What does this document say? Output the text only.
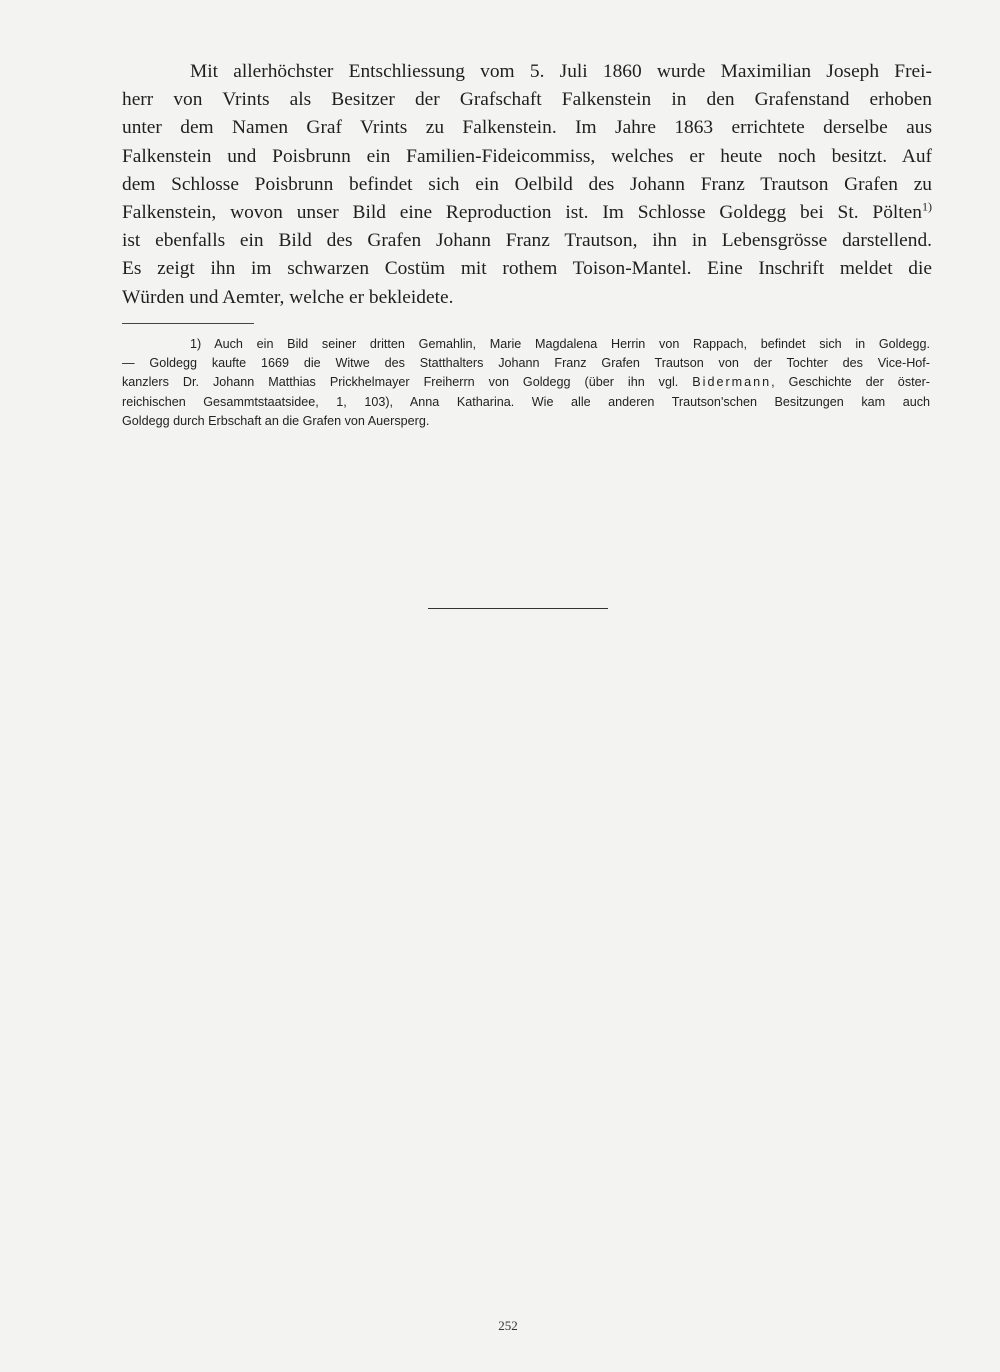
Mit allerhöchster Entschliessung vom 5. Juli 1860 wurde Maximilian Joseph Frei-
herr von Vrints als Besitzer der Grafschaft Falkenstein in den Grafenstand erhoben
unter dem Namen Graf Vrints zu Falkenstein. Im Jahre 1863 errichtete derselbe aus
Falkenstein und Poisbrunn ein Familien-Fideicommiss, welches er heute noch besitzt. Auf
dem Schlosse Poisbrunn befindet sich ein Oelbild des Johann Franz Trautson Grafen zu
Falkenstein, wovon unser Bild eine Reproduction ist. Im Schlosse Goldegg bei St. Pölten$^{1)}$
ist ebenfalls ein Bild des Grafen Johann Franz Trautson, ihn in Lebensgrösse darstellend.
Es zeigt ihn im schwarzen Costüm mit rothem Toison-Mantel. Eine Inschrift meldet die
Würden und Aemter, welche er bekleidete.
1) Auch ein Bild seiner dritten Gemahlin, Marie Magdalena Herrin von Rappach, befindet sich in Goldegg.
— Goldegg kaufte 1669 die Witwe des Statthalters Johann Franz Grafen Trautson von der Tochter des Vice-Hof-
kanzlers Dr. Johann Matthias Prickhelmayer Freiherrn von Goldegg (über ihn vgl. Bidermann, Geschichte der öster-
reichischen Gesammtstaatsidee, 1, 103), Anna Katharina. Wie alle anderen Trautson'schen Besitzungen kam auch
Goldegg durch Erbschaft an die Grafen von Auersperg.
252
